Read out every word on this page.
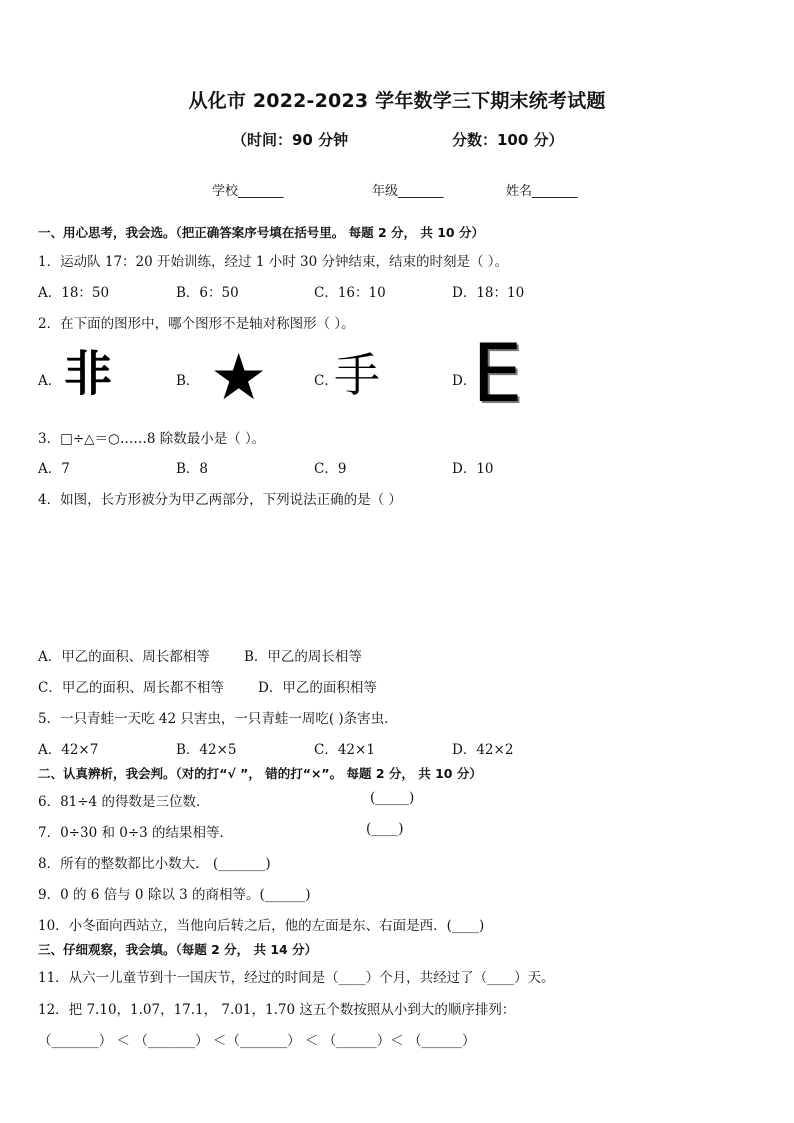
从化市 2022-2023 学年数学三下期末统考试题
（时间：90 分钟	分数：100 分）
学校_______	年级_______	姓名_______
一、用心思考，我会选。（把正确答案序号填在括号里。 每题 2 分， 共 10 分）
1．运动队 17：20 开始训练，经过 1 小时 30 分钟结束，结束的时刻是（ ）。
A．18：50	B．6：50	C．16：10	D．18：10
2．在下面的图形中，哪个图形不是轴对称图形（ ）。
A． 非	B． ★	C．
手	D．
E
3．□÷△＝○……8 除数最小是（ ）。
A．7	B．8	C．9	D．10
4．如图，长方形被分为甲乙两部分，下列说法正确的是（ ）
A．甲乙的面积、周长都相等	B．甲乙的周长相等
C．甲乙的面积、周长都不相等	D．甲乙的面积相等
5．一只青蛙一天吃 42 只害虫，一只青蛙一周吃( )条害虫．
A．42×7	B．42×5	C．42×1	D．42×2
二、认真辨析，我会判。（对的打“√ ”， 错的打“×”。 每题 2 分， 共 10 分）
6．81÷4 的得数是三位数．	(_____)
7．0÷30 和 0÷3 的结果相等．	(____)
8．所有的整数都比小数大． (_______)
9．0 的 6 倍与 0 除以 3 的商相等。(______)
10．小冬面向西站立，当他向后转之后，他的左面是东、右面是西．(____)
三、仔细观察，我会填。（每题 2 分， 共 14 分）
11．从六一儿童节到十一国庆节，经过的时间是（____）个月，共经过了（____）天。
12．把 7.10，1.07，17.1， 7.01，1.70 这五个数按照从小到大的顺序排列：
（_______） ＜ （_______） ＜（_______） ＜ （______）＜ （______）
